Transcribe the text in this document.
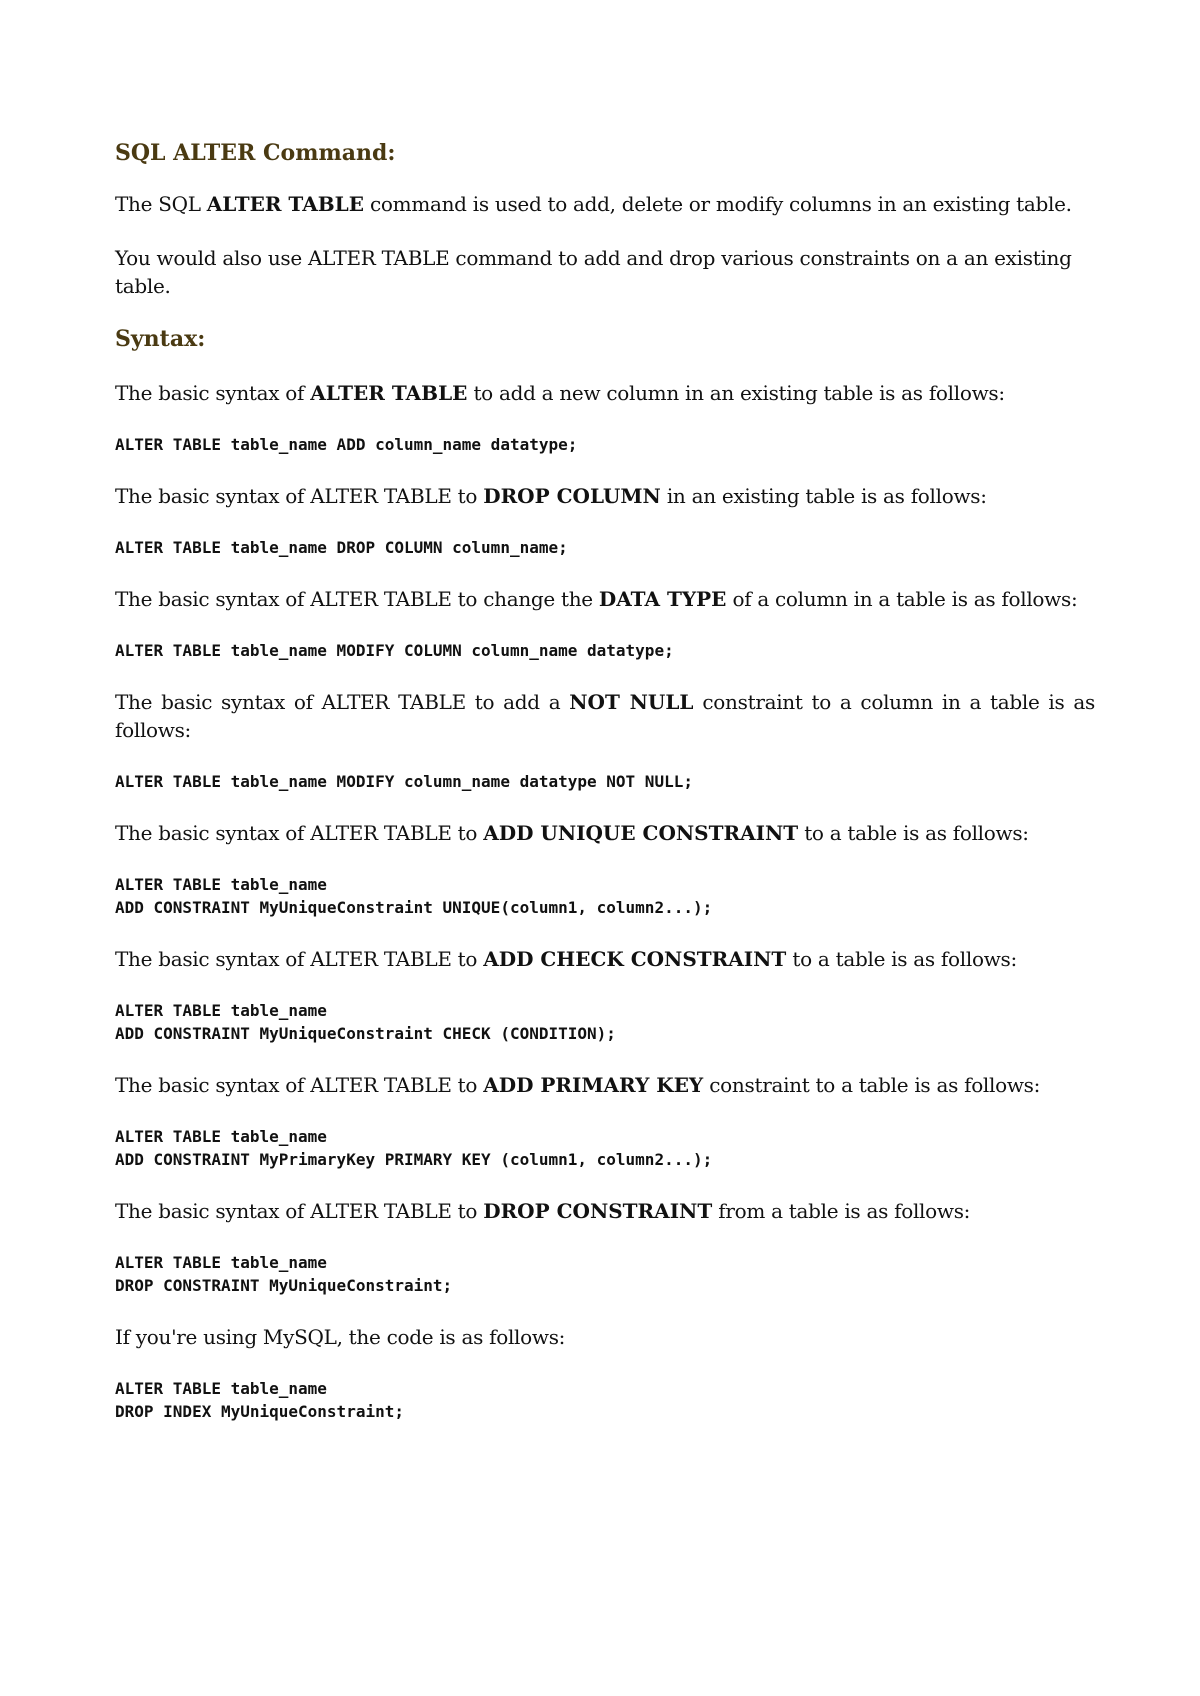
SQL ALTER Command:

The SQL ALTER TABLE command is used to add, delete or modify columns in an existing table.

You would also use ALTER TABLE command to add and drop various constraints on a an existing table.

Syntax:

The basic syntax of ALTER TABLE to add a new column in an existing table is as follows:

ALTER TABLE table_name ADD column_name datatype;

The basic syntax of ALTER TABLE to DROP COLUMN in an existing table is as follows:

ALTER TABLE table_name DROP COLUMN column_name;

The basic syntax of ALTER TABLE to change the DATA TYPE of a column in a table is as follows:

ALTER TABLE table_name MODIFY COLUMN column_name datatype;

The basic syntax of ALTER TABLE to add a NOT NULL constraint to a column in a table is as follows:

ALTER TABLE table_name MODIFY column_name datatype NOT NULL;

The basic syntax of ALTER TABLE to ADD UNIQUE CONSTRAINT to a table is as follows:

ALTER TABLE table_name
ADD CONSTRAINT MyUniqueConstraint UNIQUE(column1, column2...);

The basic syntax of ALTER TABLE to ADD CHECK CONSTRAINT to a table is as follows:

ALTER TABLE table_name
ADD CONSTRAINT MyUniqueConstraint CHECK (CONDITION);

The basic syntax of ALTER TABLE to ADD PRIMARY KEY constraint to a table is as follows:

ALTER TABLE table_name
ADD CONSTRAINT MyPrimaryKey PRIMARY KEY (column1, column2...);

The basic syntax of ALTER TABLE to DROP CONSTRAINT from a table is as follows:

ALTER TABLE table_name
DROP CONSTRAINT MyUniqueConstraint;

If you're using MySQL, the code is as follows:

ALTER TABLE table_name
DROP INDEX MyUniqueConstraint;
